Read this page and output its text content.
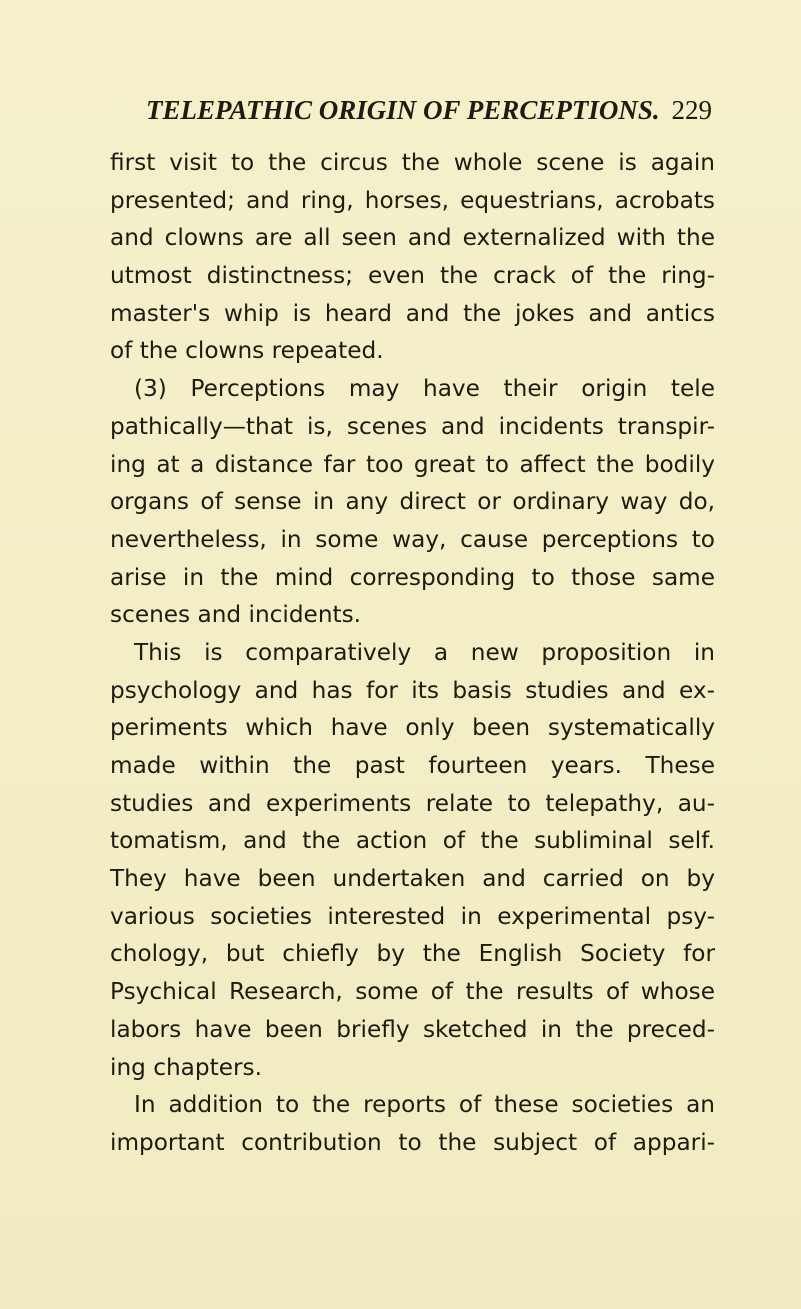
TELEPATHIC ORIGIN OF PERCEPTIONS. 229
first visit to the circus the whole scene is again
presented; and ring, horses, equestrians, acrobats
and clowns are all seen and externalized with the
utmost distinctness; even the crack of the ring-
master's whip is heard and the jokes and antics
of the clowns repeated.
(3) Perceptions may have their origin tele
pathically—that is, scenes and incidents transpir-
ing at a distance far too great to affect the bodily
organs of sense in any direct or ordinary way do,
nevertheless, in some way, cause perceptions to
arise in the mind corresponding to those same
scenes and incidents.
This is comparatively a new proposition in
psychology and has for its basis studies and ex-
periments which have only been systematically
made within the past fourteen years. These
studies and experiments relate to telepathy, au-
tomatism, and the action of the subliminal self.
They have been undertaken and carried on by
various societies interested in experimental psy-
chology, but chiefly by the English Society for
Psychical Research, some of the results of whose
labors have been briefly sketched in the preced-
ing chapters.
In addition to the reports of these societies an
important contribution to the subject of appari-
